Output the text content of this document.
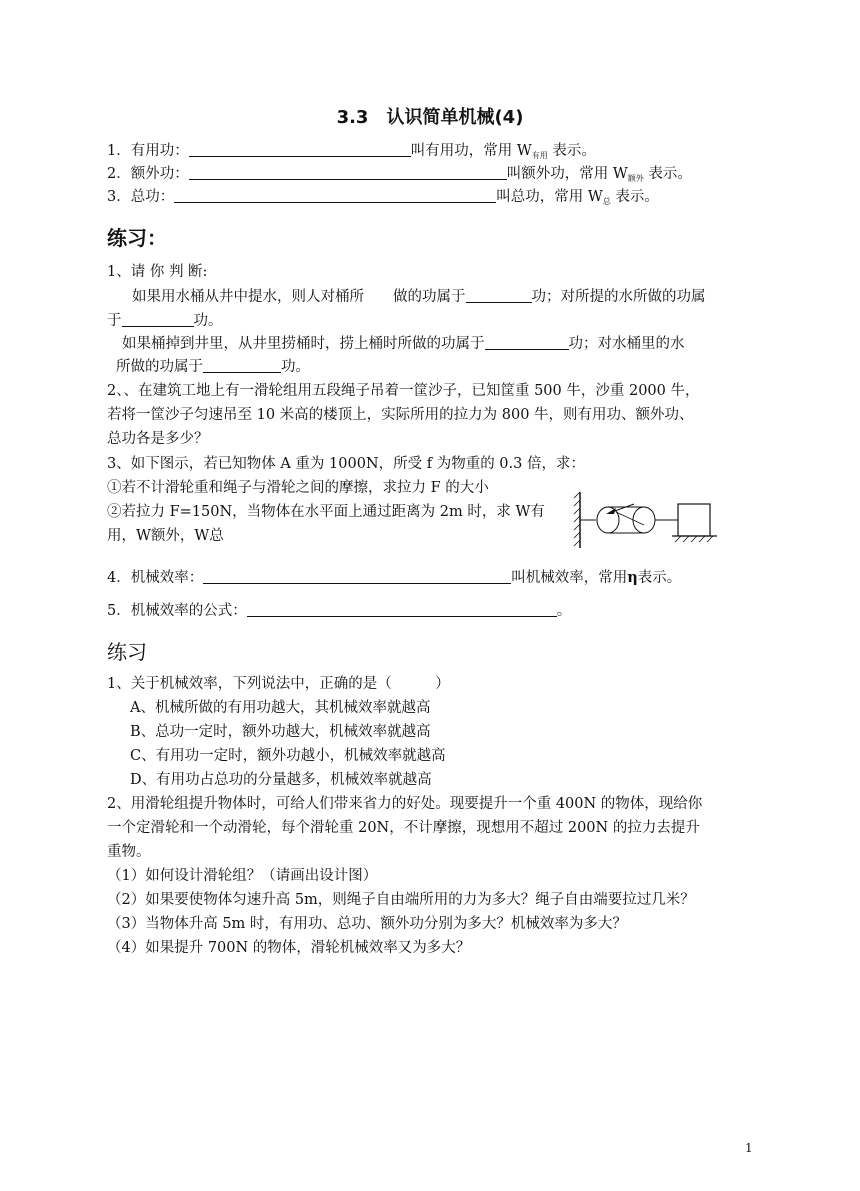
3.3　认识简单机械(4)
1．有用功：	叫有用功，常用 $W_{有用}$ 表示。
2．额外功：	叫额外功，常用 $W_{额外}$ 表示。
3．总功：	叫总功，常用 $W_总$ 表示。
练习：
1、请 你 判 断:
如果用水桶从井中提水，则人对桶所　　做的功属于	功；对所提的水所做的功属
于	功。
如果桶掉到井里，从井里捞桶时，捞上桶时所做的功属于	功；对水桶里的水
所做的功属于	功。
2、、在建筑工地上有一滑轮组用五段绳子吊着一筐沙子，已知筐重 500 牛，沙重 2000 牛，
若将一筐沙子匀速吊至 10 米高的楼顶上，实际所用的拉力为 800 牛，则有用功、额外功、
总功各是多少？
3、如下图示，若已知物体 A 重为 1000N，所受 f 为物重的 0.3 倍，求：
①若不计滑轮重和绳子与滑轮之间的摩擦，求拉力 F 的大小
②若拉力 F=150N，当物体在水平面上通过距离为 2m 时，求 W有
用，W额外，W总
4．机械效率：	叫机械效率，常用η表示。
5．机械效率的公式：	。
练习
1、关于机械效率，下列说法中，正确的是（　　　）
A、机械所做的有用功越大，其机械效率就越高
B、总功一定时，额外功越大，机械效率就越高
C、有用功一定时，额外功越小，机械效率就越高
D、有用功占总功的分量越多，机械效率就越高
2、用滑轮组提升物体时，可给人们带来省力的好处。现要提升一个重 400N 的物体，现给你
一个定滑轮和一个动滑轮，每个滑轮重 20N，不计摩擦，现想用不超过 200N 的拉力去提升
重物。
（1）如何设计滑轮组？（请画出设计图）
（2）如果要使物体匀速升高 5m，则绳子自由端所用的力为多大？绳子自由端要拉过几米？
（3）当物体升高 5m 时，有用功、总功、额外功分别为多大？机械效率为多大？
（4）如果提升 700N 的物体，滑轮机械效率又为多大？
1
